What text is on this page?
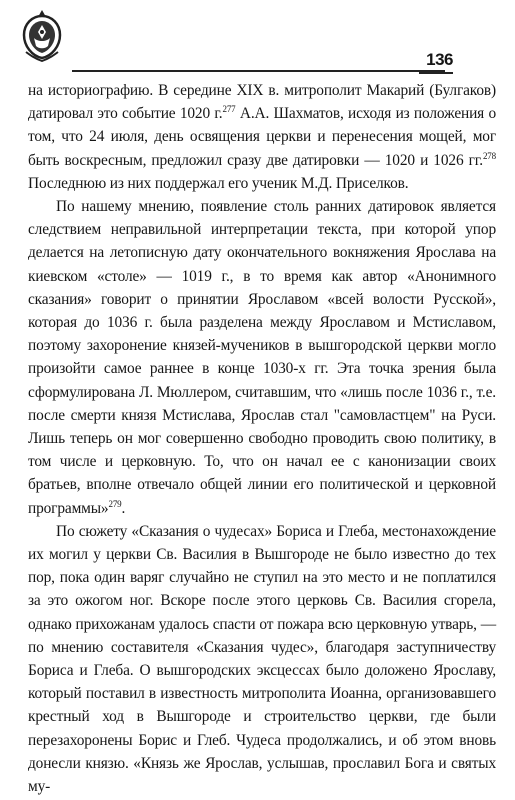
136

на историографию. В середине XIX в. митрополит Макарий (Булгаков) датировал это событие 1020 г.$^{277}$ А.А. Шахматов, исходя из положения о том, что 24 июля, день освящения церкви и перенесения мощей, мог быть воскресным, предложил сразу две датировки — 1020 и 1026 гг.$^{278}$ Последнюю из них поддержал его ученик М.Д. Приселков.

По нашему мнению, появление столь ранних датировок является следствием неправильной интерпретации текста, при которой упор делается на летописную дату окончательного вокняжения Ярослава на киевском «столе» — 1019 г., в то время как автор «Анонимного сказания» говорит о принятии Ярославом «всей волости Русской», которая до 1036 г. была разделена между Ярославом и Мстиславом, поэтому захоронение князей-мучеников в вышгородской церкви могло произойти самое раннее в конце 1030-х гг. Эта точка зрения была сформулирована Л. Мюллером, считавшим, что «лишь после 1036 г., т.е. после смерти князя Мстислава, Ярослав стал "самовластцем" на Руси. Лишь теперь он мог совершенно свободно проводить свою политику, в том числе и церковную. То, что он начал ее с канонизации своих братьев, вполне отвечало общей линии его политической и церковной программы»$^{279}$.

По сюжету «Сказания о чудесах» Бориса и Глеба, местонахождение их могил у церкви Св. Василия в Вышгороде не было известно до тех пор, пока один варяг случайно не ступил на это место и не поплатился за это ожогом ног. Вскоре после этого церковь Св. Василия сгорела, однако прихожанам удалось спасти от пожара всю церковную утварь, — по мнению составителя «Сказания чудес», благодаря заступничеству Бориса и Глеба. О вышгородских эксцессах было доложено Ярославу, который поставил в известность митрополита Иоанна, организовавшего крестный ход в Вышгороде и строительство церкви, где были перезахоронены Борис и Глеб. Чудеса продолжались, и об этом вновь донесли князю. «Князь же Ярослав, услышав, прославил Бога и святых му-
